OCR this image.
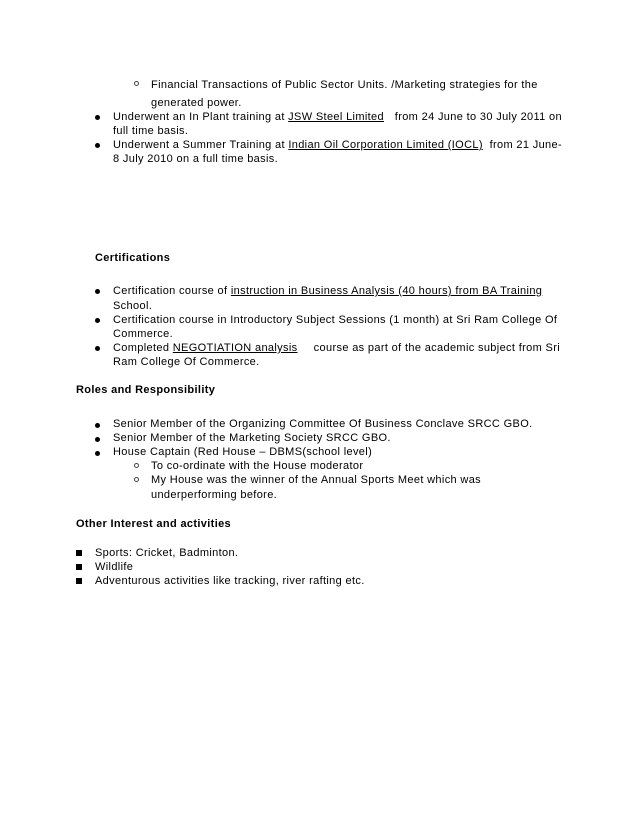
Financial Transactions of Public Sector Units. /Marketing strategies for the
generated power.
Underwent an In Plant training at JSW Steel Limited from 24 June to 30 July 2011 on
full time basis.
Underwent a Summer Training at Indian Oil Corporation Limited (IOCL) from 21 June-
8 July 2010 on a full time basis.
Certifications
Certification course of instruction in Business Analysis (40 hours) from BA Training
School.
Certification course in Introductory Subject Sessions (1 month) at Sri Ram College Of
Commerce.
Completed NEGOTIATION analysis course as part of the academic subject from Sri
Ram College Of Commerce.
Roles and Responsibility
Senior Member of the Organizing Committee Of Business Conclave SRCC GBO.
Senior Member of the Marketing Society SRCC GBO.
House Captain (Red House – DBMS(school level)
To co-ordinate with the House moderator
My House was the winner of the Annual Sports Meet which was
underperforming before.
Other Interest and activities
Sports: Cricket, Badminton.
Wildlife
Adventurous activities like tracking, river rafting etc.
